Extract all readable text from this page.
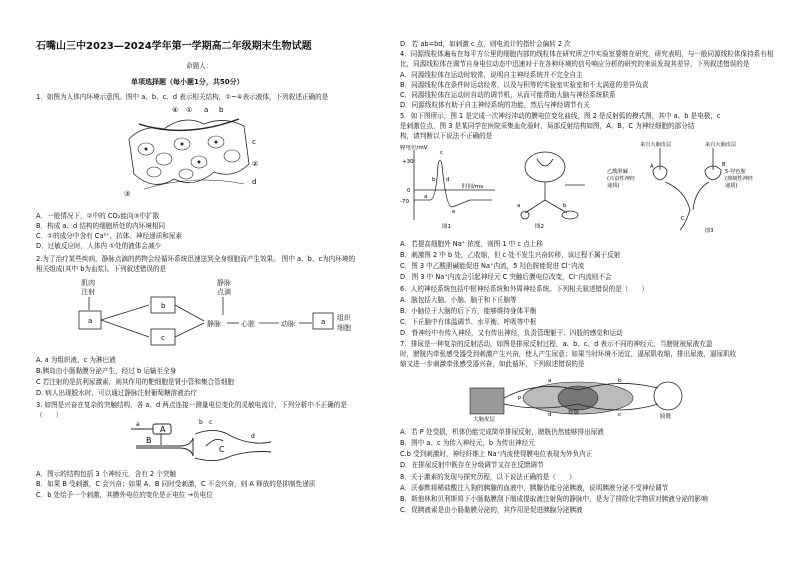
石嘴山三中2023—2024学年第一学期高二年级期末生物试题
命题人：
单项选择题（每小题1分，共50分）
1．如图为人体内环境示意图。图中 a、b、c、d 表示相关结构，①~④表示液体，下列叙述正确的是
④ ① a b
c
②
d
③
A．一般情况下，②中的 CO₂能向③中扩散
B．构成 a、d 结构的细胞所处的内环境相同
C．①的成分中含有 Ca²⁺、抗体、神经递质和尿素
D．过敏反应时，人体内 ①处的液体会减少
2.为了治疗某些疾病，静脉点滴的药物会经循环系统迅速送到全身细胞而产生效果。 图中 a、b、c为内环境的
相关组成(其中 b为血浆)。下列叙述错误的是
肌肉
注射
静脉
点滴
静脉	心脏	动脉
组织
细胞
a
b
c
a
A. a 为组织液，c 为淋巴液
B.胰岛由小肠黏膜分泌产生，经过 b 运输至全身
C 若注射的是抗利尿激素，则其作用的靶细胞是肾小管和集合管细胞
D. 病人出现脱水时，可以通过静脉注射葡萄糖溶液治疗
3. 如图是兴奋在复杂的突触结构，各 a、d 两点连接一测量电位变化的灵敏电流计，下列分析中不正确的是
（　　）
A
B
C
a	b c
d
A．图示的结构包括 3 个神经元，含有 2 个突触
B．如果 B 受刺激，C 会兴奋；如果 A、B 同时受刺激，C 不会兴奋，则 A 释放的是抑制性递质
C．b 处给予一个刺激，其膜外电位的变化是正电位 →负电位
D．若 ab=bd，如刺激 c 点，则电流计的指针会偏转 2 次
4．同源线粒体遍布在每平方公里的细胞内部的线粒体在研究所之中实验室要维在研究，研究表明，与一般同源线粒体保持系有相
比，同源线粒体在调节自身电位动态中迅速对于在各种环境的信号响应分析的研究的来说发现其差异，下列叙述错误的是
A．同源线粒体在运动时较常，说明自主神经系统并不完全自主
B．同源线粒体在条件时运动经常，以及与积等的实验室实验室和不太满意的差异负责
C．同源线粒体在运动时自动的调节机，从而可能帮助大脑与神经系统联系
D．同源线粒体有助于自主神经系统的功能，然后与神经调节有关
5．如下图所示，图 1 是完成一次神经冲动的膜电位变化曲线，图 2 是反射弧的模式图，其中 a、b 是电极，c
是刺激位点，图 3 是某同学在医院采集血化验时，局部反射结构如图，A、B、C 为神经细胞的部分结
构，请判断以下说法不正确的是
膜电位/mV
+30
0
-70
a
b
c
d
e
时间/ms
图1
a	b
图2
来自大脑皮层	来自大脑皮层
乙酰胆碱
(兴奋性神经
递质)
5-羟色胺
(抑制性神经
递质)
A	B
C
图3
A．若提高细胞外 Na⁺ 浓度，则图 1 中 c 点上移
B．刺激图 2 中 b 处，乙收缩，但 c 处不发生兴奋转移，该过程不属于反射
C．图 3 中乙酰胆碱能促进 Na⁺内流，5 羟色胺能促进 Cl⁻内流
D．图 3 中 Na⁺内流会引起神经元 C 突触后膜电位改变，Cl⁻内流则不会
6．人的神经系统包括中枢神经系统和外周神经系统。下列相关叙述错误的是（　　）
A．脑包括大脑、小脑、脑干和下丘脑等
B．小脑位于大脑的后下方，能够维持身体平衡
C．下丘脑中有体温调节、水平衡、呼吸等中枢
D．脊神经中有传入神经，又有传出神经，负责管理躯干、四肢的感觉和运动
7．排尿是一种复杂的反射活动，如图是排尿反射过程，a、b、c、d 表示不同的神经元，当膀胱被尿液充盈
时，膀胱内牵张感受器受到刺激产生兴奋，使人产生尿意；如果当时环境不适宜，逼尿肌收缩，排出尿液，逼尿肌收
缩又进一步刺激牵张感受器兴奋，如此循环，下列叙述错误的是
大脑皮层
脊髓
膀胱
P
a	b
c
d
A．若 P 处受损，机体仍能完成简单排尿反射，膀胱仍然能够排出尿液
B．图中 a、c 为传入神经元，b 为传出神经元
C.b 受到刺激时，神经纤维上 Na⁺内流使得膜电位表现为外负内正
D．在排尿反射中既存在分级调节又存在反馈调节
8．关于激素的发现与探究历程，以下说法正确的是（　　）
A．沃泰默将稀盐酸注入狗的胰腺的血液中，胰腺仍能分泌胰液，说明胰液分泌不受神经调节
B．斯他林和贝利斯将下小肠黏膜刮下制成提取液注射狗的静脉中，是为了排除化学物质对胰液分泌的影响
C．促胰液素是由小肠黏膜分泌的，其作用是促进胰腺分泌胰液
